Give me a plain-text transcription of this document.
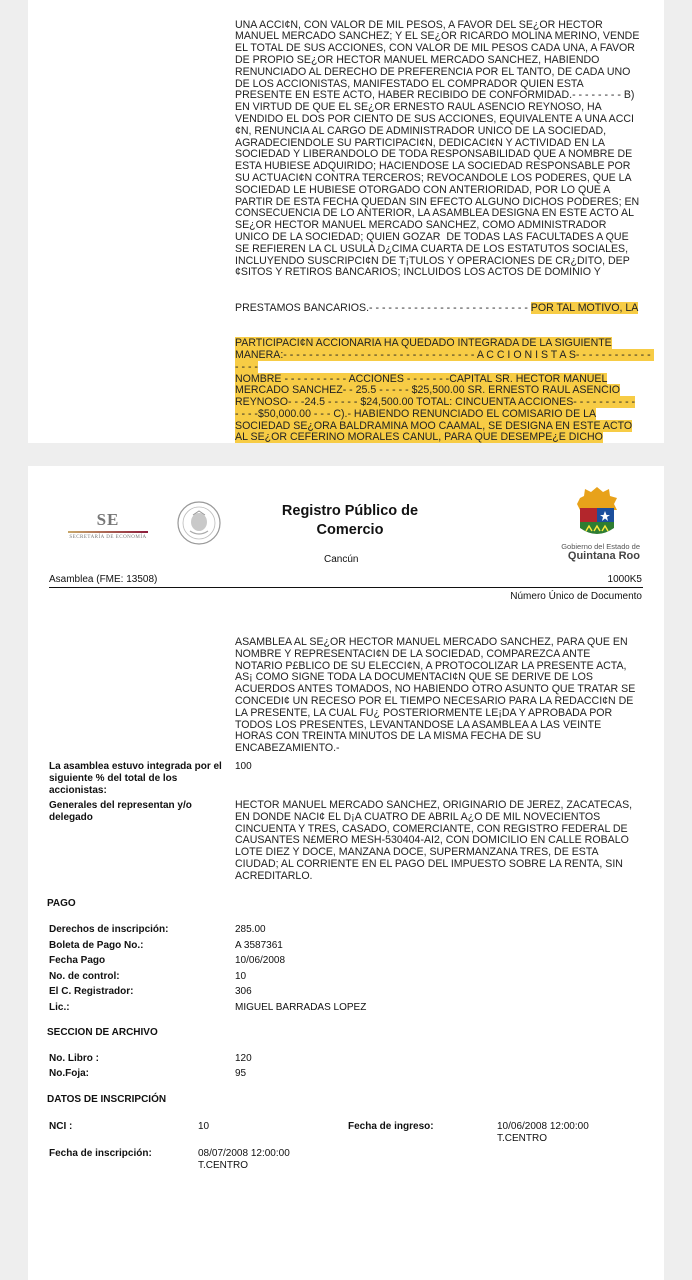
UNA ACCI¢N, CON VALOR DE MIL PESOS, A FAVOR DEL SE¿OR HECTOR
MANUEL MERCADO SANCHEZ; Y EL SE¿OR RICARDO MOLINA MERINO, VENDE
EL TOTAL DE SUS ACCIONES, CON VALOR DE MIL PESOS CADA UNA, A FAVOR
DE PROPIO SE¿OR HECTOR MANUEL MERCADO SANCHEZ, HABIENDO
RENUNCIADO AL DERECHO DE PREFERENCIA POR EL TANTO, DE CADA UNO
DE LOS ACCIONISTAS, MANIFESTADO EL COMPRADOR QUIEN ESTA
PRESENTE EN ESTE ACTO, HABER RECIBIDO DE CONFORMIDAD.- - - - - - - - B)
EN VIRTUD DE QUE EL SE¿OR ERNESTO RAUL ASENCIO REYNOSO, HA
VENDIDO EL DOS POR CIENTO DE SUS ACCIONES, EQUIVALENTE A UNA ACCI
¢N, RENUNCIA AL CARGO DE ADMINISTRADOR UNICO DE LA SOCIEDAD,
AGRADECIENDOLE SU PARTICIPACI¢N, DEDICACI¢N Y ACTIVIDAD EN LA
SOCIEDAD Y LIBERANDOLO DE TODA RESPONSABILIDAD QUE A NOMBRE DE
ESTA HUBIESE ADQUIRIDO; HACIENDOSE LA SOCIEDAD RESPONSABLE POR
SU ACTUACI¢N CONTRA TERCEROS; REVOCANDOLE LOS PODERES, QUE LA
SOCIEDAD LE HUBIESE OTORGADO CON ANTERIORIDAD, POR LO QUE A
PARTIR DE ESTA FECHA QUEDAN SIN EFECTO ALGUNO DICHOS PODERES; EN
CONSECUENCIA DE LO ANTERIOR, LA ASAMBLEA DESIGNA EN ESTE ACTO AL
SE¿OR HECTOR MANUEL MERCADO SANCHEZ, COMO ADMINISTRADOR
UNICO DE LA SOCIEDAD; QUIEN GOZAR  DE TODAS LAS FACULTADES A QUE
SE REFIEREN LA CL USULA D¿CIMA CUARTA DE LOS ESTATUTOS SOCIALES,
INCLUYENDO SUSCRIPCI¢N DE T¡TULOS Y OPERACIONES DE CR¿DITO, DEP
¢SITOS Y RETIROS BANCARIOS; INCLUIDOS LOS ACTOS DE DOMINIO Y

PRESTAMOS BANCARIOS.- - - - - - - - - - - - - - - - - - - - - - - - - POR TAL MOTIVO, LA

PARTICIPACI¢N ACCIONARIA HA QUEDADO INTEGRADA DE LA SIGUIENTE
MANERA:- - - - - - - - - - - - - - - - - - - - - - - - - - - - - - A C C I O N I S T A S- - - - - - - - - - - - - - - -
NOMBRE - - - - - - - - - - ACCIONES - - - - - - -CAPITAL SR. HECTOR MANUEL
MERCADO SANCHEZ- - 25.5 - - - - - $25,500.00 SR. ERNESTO RAUL ASENCIO
REYNOSO- - -24.5 - - - - - $24,500.00 TOTAL: CINCUENTA ACCIONES- - - - - - - - - -
- - - -$50,000.00 - - - C).- HABIENDO RENUNCIADO EL COMISARIO DE LA
SOCIEDAD SE¿ORA BALDRAMINA MOO CAAMAL, SE DESIGNA EN ESTE ACTO
AL SE¿OR CEFERINO MORALES CANUL, PARA QUE DESEMPE¿E DICHO

SE
SECRETARÍA DE ECONOMÍA
Registro Público de
Comercio
Cancún
Gobierno del Estado de
Quintana Roo
Asamblea (FME: 13508)	1000K5
Número Único de Documento
ASAMBLEA AL SE¿OR HECTOR MANUEL MERCADO SANCHEZ, PARA QUE EN
NOMBRE Y REPRESENTACI¢N DE LA SOCIEDAD, COMPAREZCA ANTE
NOTARIO P£BLICO DE SU ELECCI¢N, A PROTOCOLIZAR LA PRESENTE ACTA,
AS¡ COMO SIGNE TODA LA DOCUMENTACI¢N QUE SE DERIVE DE LOS
ACUERDOS ANTES TOMADOS, NO HABIENDO OTRO ASUNTO QUE TRATAR SE
CONCEDI¢ UN RECESO POR EL TIEMPO NECESARIO PARA LA REDACCI¢N DE
LA PRESENTE, LA CUAL FU¿ POSTERIORMENTE LE¡DA Y APROBADA POR
TODOS LOS PRESENTES, LEVANTANDOSE LA ASAMBLEA A LAS VEINTE
HORAS CON TREINTA MINUTOS DE LA MISMA FECHA DE SU
ENCABEZAMIENTO.-
La asamblea estuvo integrada por el siguiente % del total de los accionistas:
100
Generales del representan y/o delegado
HECTOR MANUEL MERCADO SANCHEZ, ORIGINARIO DE JEREZ, ZACATECAS,
EN DONDE NACI¢ EL D¡A CUATRO DE ABRIL A¿O DE MIL NOVECIENTOS
CINCUENTA Y TRES, CASADO, COMERCIANTE, CON REGISTRO FEDERAL DE
CAUSANTES N£MERO MESH-530404-AI2, CON DOMICILIO EN CALLE ROBALO
LOTE DIEZ Y DOCE, MANZANA DOCE, SUPERMANZANA TRES, DE ESTA
CIUDAD; AL CORRIENTE EN EL PAGO DEL IMPUESTO SOBRE LA RENTA, SIN
ACREDITARLO.
PAGO
Derechos de inscripción:	285.00
Boleta de Pago No.:	A 3587361
Fecha Pago	10/06/2008
No. de control:	10
El C. Registrador:	306
Lic.:	MIGUEL BARRADAS LOPEZ
SECCION DE ARCHIVO
No. Libro :	120
No.Foja:	95
DATOS DE INSCRIPCIÓN
NCI :	10	Fecha de ingreso:	10/06/2008 12:00:00
T.CENTRO
Fecha de inscripción:	08/07/2008 12:00:00
T.CENTRO
